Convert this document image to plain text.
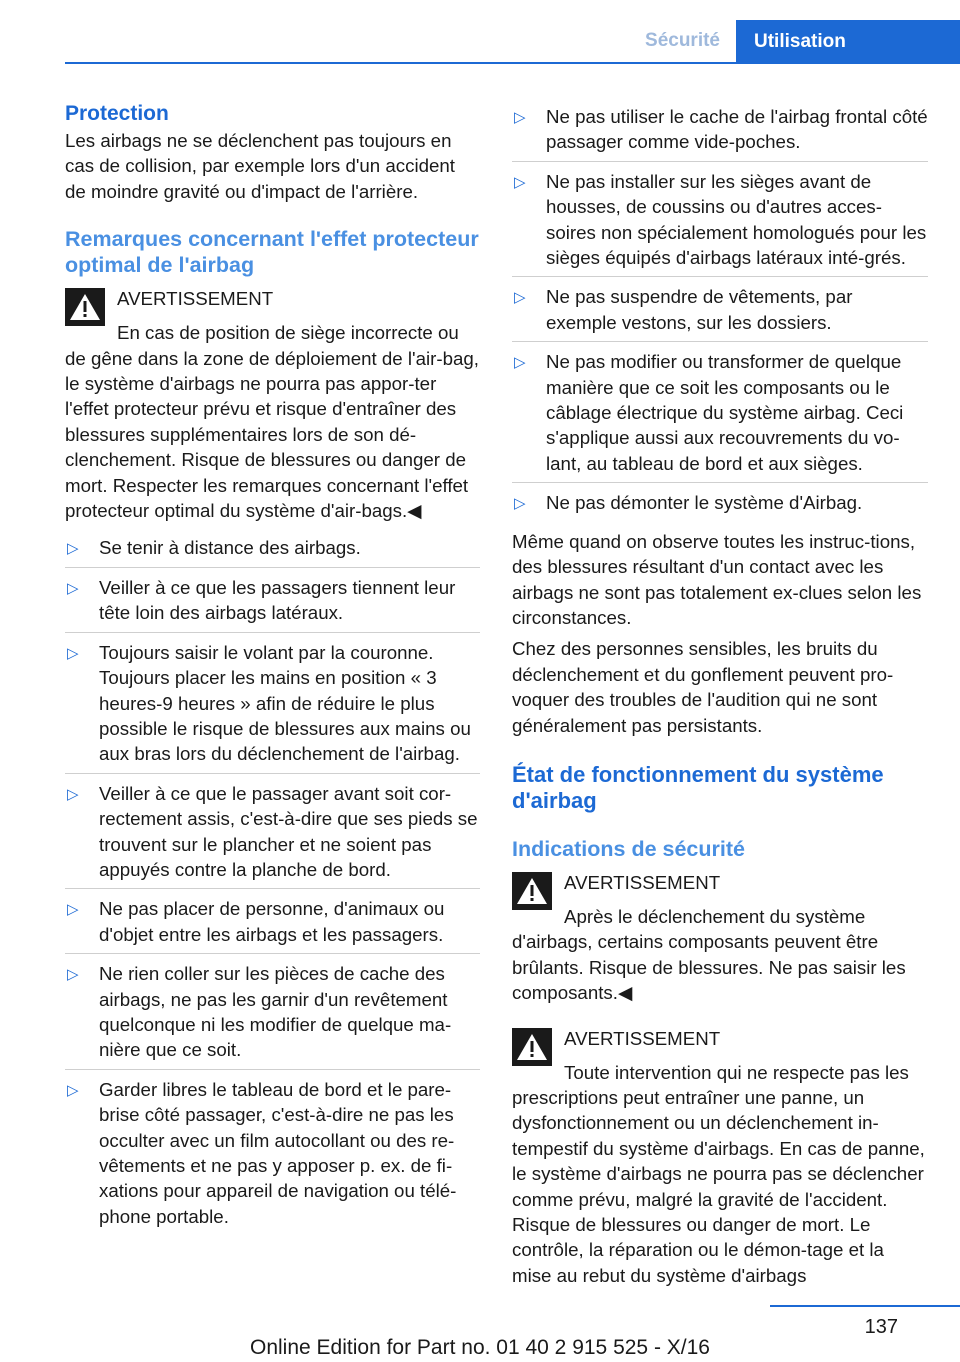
Sécurité	Utilisation
Protection

Les airbags ne se déclenchent pas toujours en cas de collision, par exemple lors d'un accident de moindre gravité ou d'impact de l'arrière.

Remarques concernant l'effet protecteur optimal de l'airbag
AVERTISSEMENT

En cas de position de siège incorrecte ou de gêne dans la zone de déploiement de l'air-bag, le système d'airbags ne pourra pas appor-ter l'effet protecteur prévu et risque d'entraîner des blessures supplémentaires lors de son dé-clenchement. Risque de blessures ou danger de mort. Respecter les remarques concernant l'effet protecteur optimal du système d'air-bags.◀

▷ Se tenir à distance des airbags.
▷ Veiller à ce que les passagers tiennent leur tête loin des airbags latéraux.
▷ Toujours saisir le volant par la couronne. Toujours placer les mains en position « 3 heures-9 heures » afin de réduire le plus possible le risque de blessures aux mains ou aux bras lors du déclenchement de l'airbag.
▷ Veiller à ce que le passager avant soit cor-rectement assis, c'est-à-dire que ses pieds se trouvent sur le plancher et ne soient pas appuyés contre la planche de bord.
▷ Ne pas placer de personne, d'animaux ou d'objet entre les airbags et les passagers.
▷ Ne rien coller sur les pièces de cache des airbags, ne pas les garnir d'un revêtement quelconque ni les modifier de quelque ma-nière que ce soit.
▷ Garder libres le tableau de bord et le pare-brise côté passager, c'est-à-dire ne pas les occulter avec un film autocollant ou des re-vêtements et ne pas y apposer p. ex. de fi-xations pour appareil de navigation ou télé-phone portable.
▷ Ne pas utiliser le cache de l'airbag frontal côté passager comme vide-poches.
▷ Ne pas installer sur les sièges avant de housses, de coussins ou d'autres acces-soires non spécialement homologués pour les sièges équipés d'airbags latéraux inté-grés.
▷ Ne pas suspendre de vêtements, par exemple vestons, sur les dossiers.
▷ Ne pas modifier ou transformer de quelque manière que ce soit les composants ou le câblage électrique du système airbag. Ceci s'applique aussi aux recouvrements du vo-lant, au tableau de bord et aux sièges.
▷ Ne pas démonter le système d'Airbag.

Même quand on observe toutes les instruc-tions, des blessures résultant d'un contact avec les airbags ne sont pas totalement ex-clues selon les circonstances.

Chez des personnes sensibles, les bruits du déclenchement et du gonflement peuvent pro-voquer des troubles de l'audition qui ne sont généralement pas persistants.

État de fonctionnement du système d'airbag
Indications de sécurité
AVERTISSEMENT

Après le déclenchement du système d'airbags, certains composants peuvent être brûlants. Risque de blessures. Ne pas saisir les composants.◀

AVERTISSEMENT

Toute intervention qui ne respecte pas les prescriptions peut entraîner une panne, un dysfonctionnement ou un déclenchement in-tempestif du système d'airbags. En cas de panne, le système d'airbags ne pourra pas se déclencher comme prévu, malgré la gravité de l'accident. Risque de blessures ou danger de mort. Le contrôle, la réparation ou le démon-tage et la mise au rebut du système d'airbags

137
Online Edition for Part no. 01 40 2 915 525 - X/16
